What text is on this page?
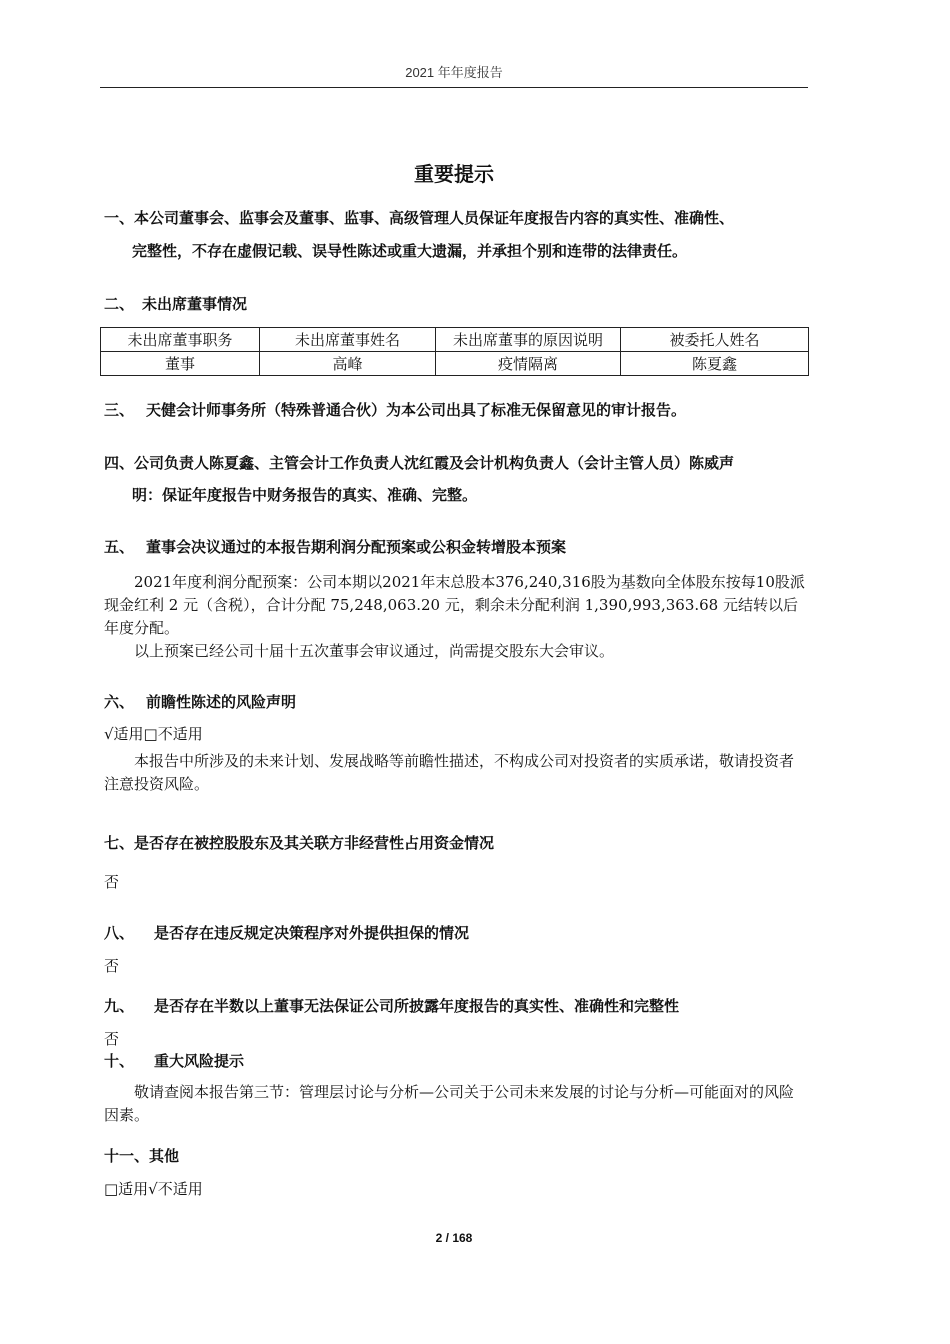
2021 年年度报告
重要提示
一、本公司董事会、监事会及董事、监事、高级管理人员保证年度报告内容的真实性、准确性、
完整性，不存在虚假记载、误导性陈述或重大遗漏，并承担个别和连带的法律责任。
二、 未出席董事情况
未出席董事职务	未出席董事姓名	未出席董事的原因说明	被委托人姓名
董事	高峰	疫情隔离	陈夏鑫
三、 天健会计师事务所（特殊普通合伙）为本公司出具了标准无保留意见的审计报告。
四、公司负责人陈夏鑫、主管会计工作负责人沈红霞及会计机构负责人（会计主管人员）陈威声
明：保证年度报告中财务报告的真实、准确、完整。
五、 董事会决议通过的本报告期利润分配预案或公积金转增股本预案
2021年度利润分配预案：公司本期以2021年末总股本376,240,316股为基数向全体股东按每10股派现金红利 2 元（含税），合计分配 75,248,063.20 元，剩余未分配利润 1,390,993,363.68 元结转以后年度分配。
以上预案已经公司十届十五次董事会审议通过，尚需提交股东大会审议。
六、 前瞻性陈述的风险声明
√适用□不适用
本报告中所涉及的未来计划、发展战略等前瞻性描述，不构成公司对投资者的实质承诺，敬请投资者注意投资风险。
七、是否存在被控股股东及其关联方非经营性占用资金情况
否
八、 是否存在违反规定决策程序对外提供担保的情况
否
九、 是否存在半数以上董事无法保证公司所披露年度报告的真实性、准确性和完整性
否
十、 重大风险提示
敬请查阅本报告第三节：管理层讨论与分析—公司关于公司未来发展的讨论与分析—可能面对的风险因素。
十一、其他
□适用√不适用
2 / 168
